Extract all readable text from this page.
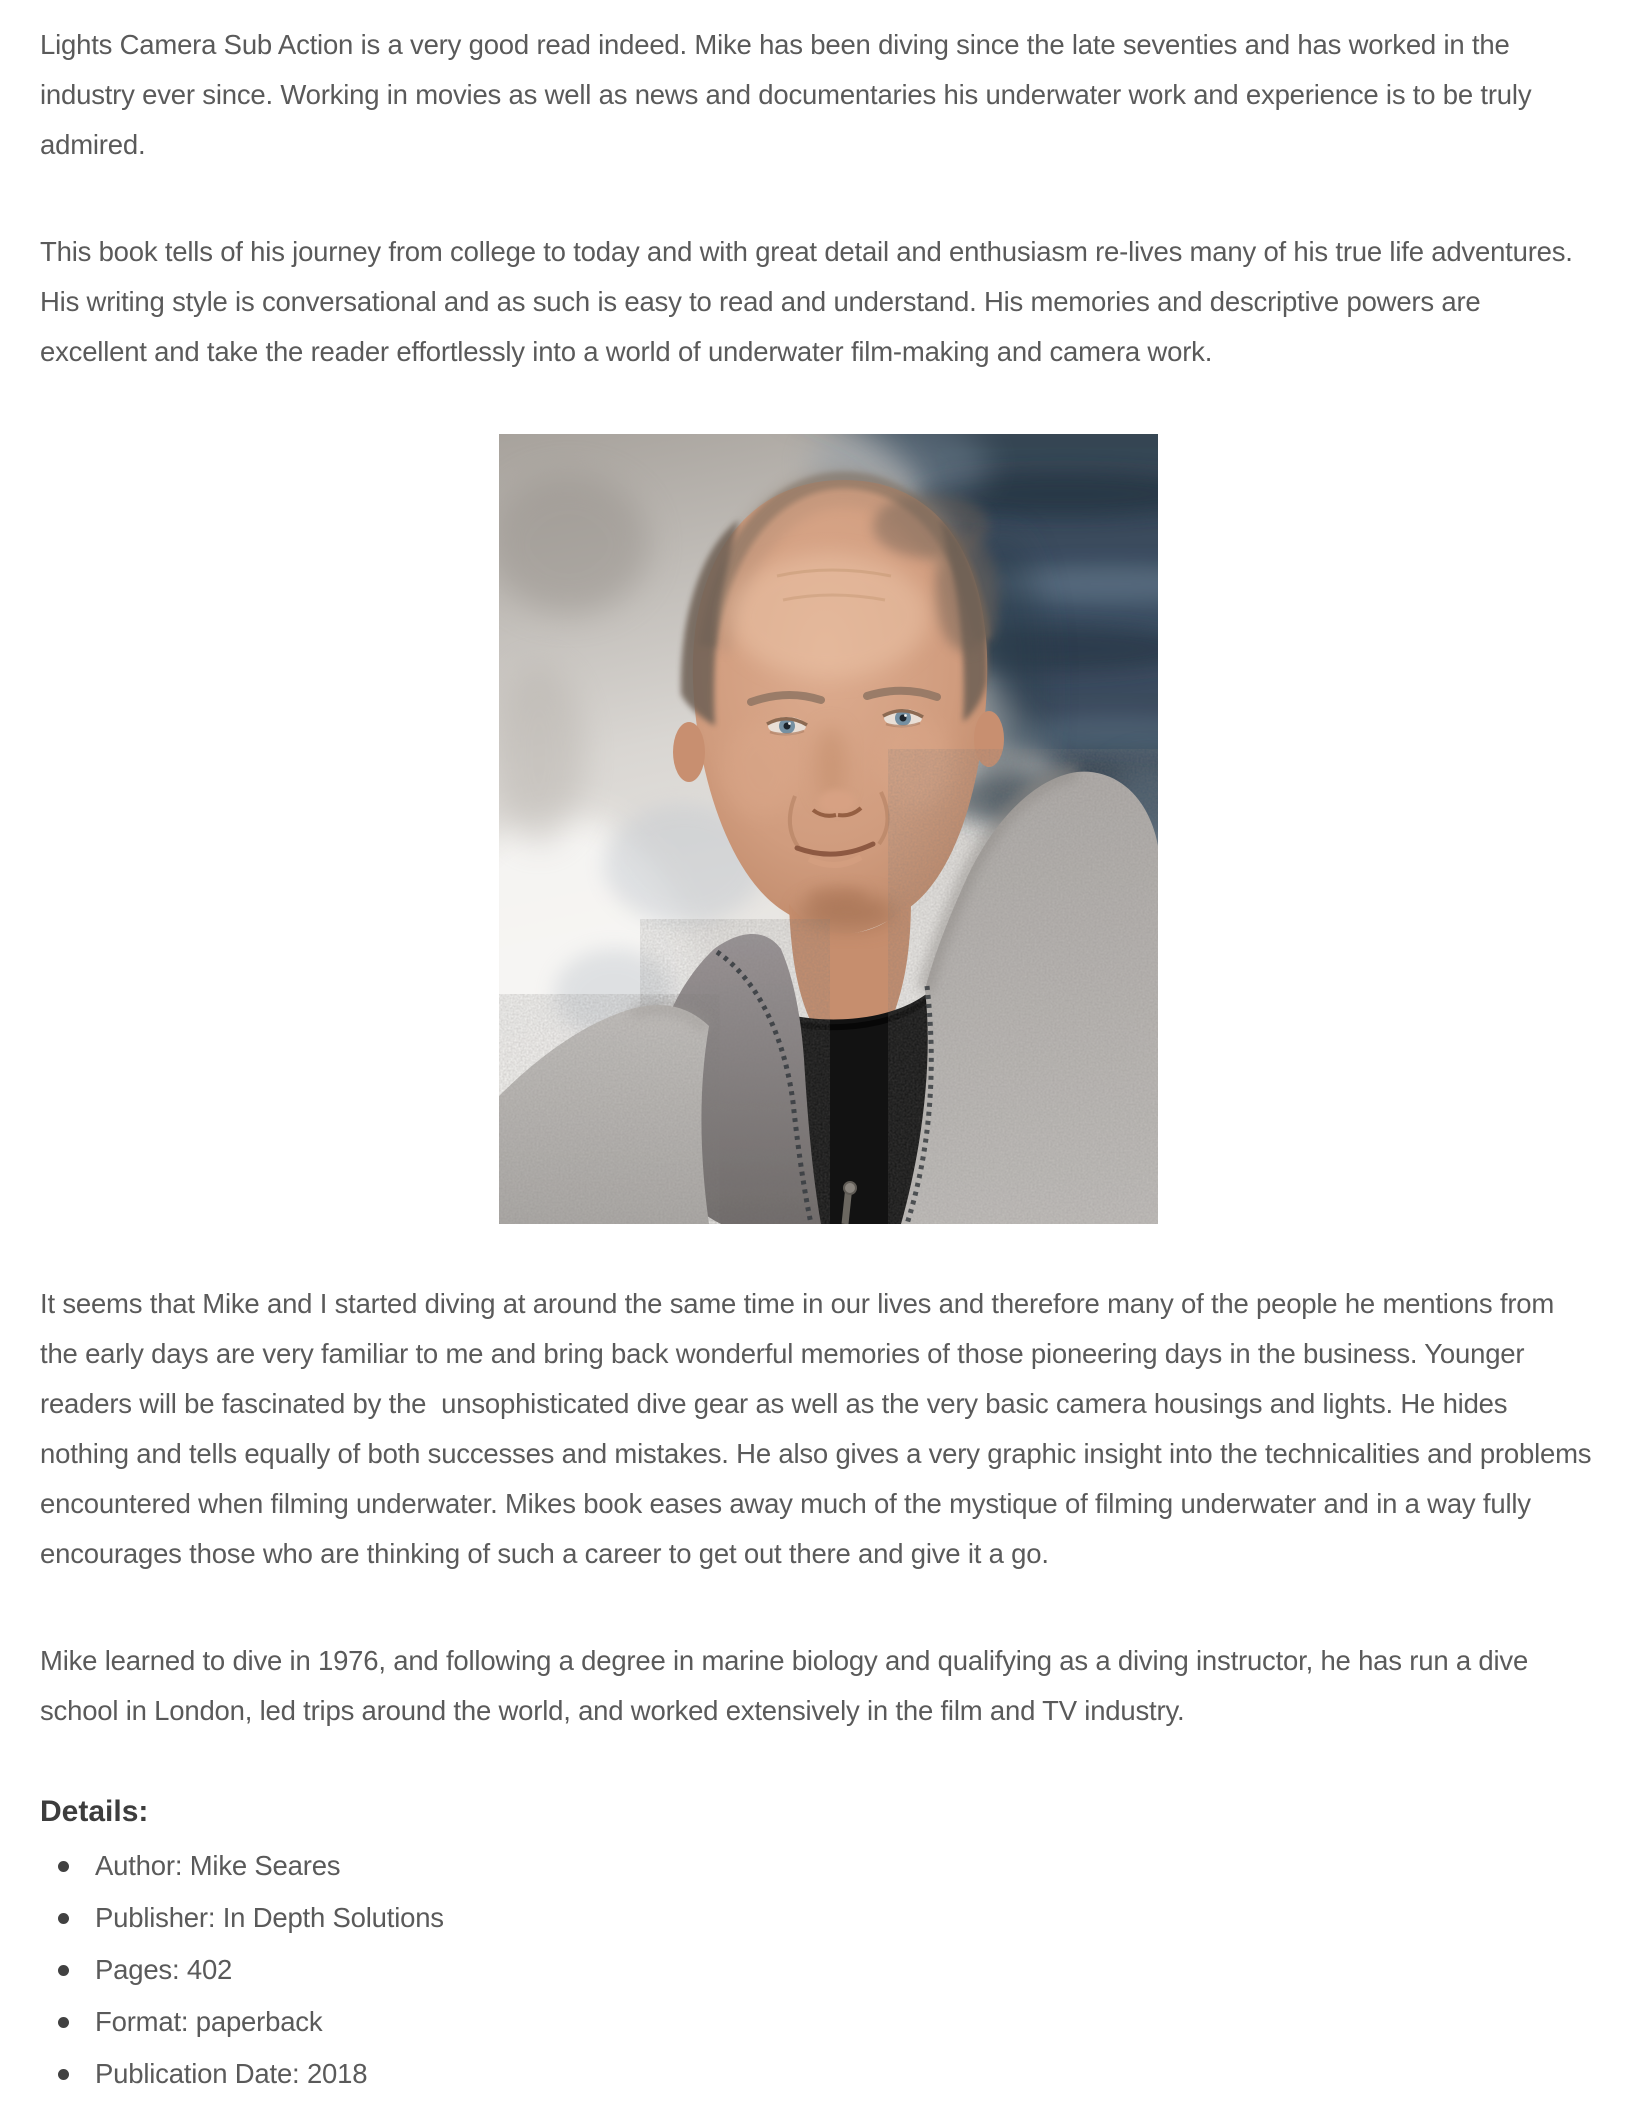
Lights Camera Sub Action is a very good read indeed. Mike has been diving since the late seventies and has worked in the industry ever since. Working in movies as well as news and documentaries his underwater work and experience is to be truly admired.

This book tells of his journey from college to today and with great detail and enthusiasm re-lives many of his true life adventures. His writing style is conversational and as such is easy to read and understand. His memories and descriptive powers are excellent and take the reader effortlessly into a world of underwater film-making and camera work.

It seems that Mike and I started diving at around the same time in our lives and therefore many of the people he mentions from the early days are very familiar to me and bring back wonderful memories of those pioneering days in the business. Younger readers will be fascinated by the  unsophisticated dive gear as well as the very basic camera housings and lights. He hides nothing and tells equally of both successes and mistakes. He also gives a very graphic insight into the technicalities and problems encountered when filming underwater. Mikes book eases away much of the mystique of filming underwater and in a way fully encourages those who are thinking of such a career to get out there and give it a go.

Mike learned to dive in 1976, and following a degree in marine biology and qualifying as a diving instructor, he has run a dive school in London, led trips around the world, and worked extensively in the film and TV industry.

Details:
Author: Mike Seares
Publisher: In Depth Solutions
Pages: 402
Format: paperback
Publication Date: 2018
